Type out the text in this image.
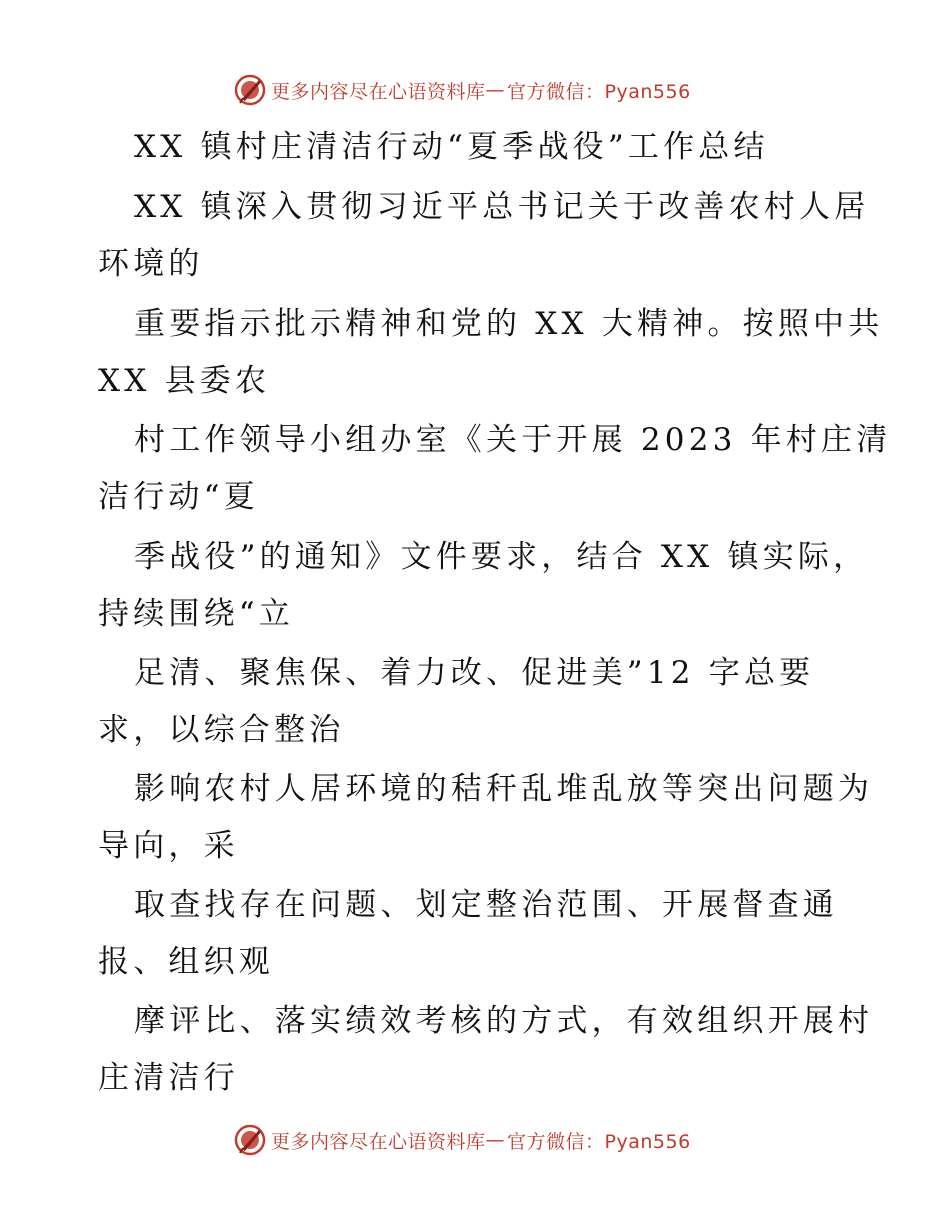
更多内容尽在心语资料库 — 官方微信：Pyan556
XX 镇村庄清洁行动“夏季战役”工作总结
XX 镇深入贯彻习近平总书记关于改善农村人居
环境的
重要指示批示精神和党的 XX 大精神。按照中共
XX 县委农
村工作领导小组办室《关于开展 2023 年村庄清
洁行动“夏
季战役”的通知》文件要求，结合 XX 镇实际，
持续围绕“立
足清、聚焦保、着力改、促进美”12 字总要
求，以综合整治
影响农村人居环境的秸秆乱堆乱放等突出问题为
导向，采
取查找存在问题、划定整治范围、开展督查通
报、组织观
摩评比、落实绩效考核的方式，有效组织开展村
庄清洁行
更多内容尽在心语资料库 — 官方微信：Pyan556
